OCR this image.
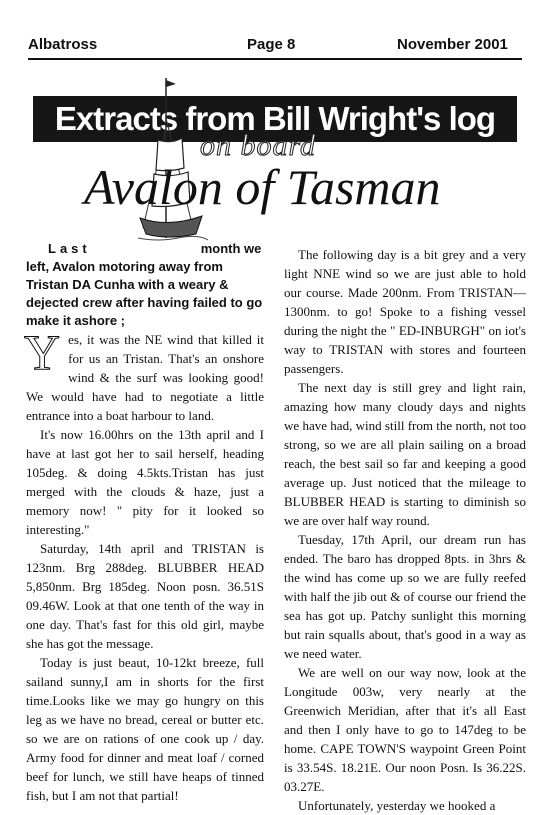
Albatross	Page 8	November 2001
Extracts from Bill Wright's log
on board
Avalon of Tasman
Last	month we
left, Avalon motoring away from Tristan DA Cunha with a weary & dejected crew after having failed to go make it ashore ;

Yes, it was the NE wind that killed it for us an Tristan. That's an onshore wind & the surf was looking good! We would have had to negotiate a little entrance into a boat harbour to land.

It's now 16.00hrs on the 13th april and I have at last got her to sail herself, heading 105deg. & doing 4.5kts.Tristan has just merged with the clouds & haze, just a memory now! " pity for it looked so interesting."

Saturday, 14th april and TRISTAN is 123nm. Brg 288deg. BLUBBER HEAD 5,850nm. Brg 185deg. Noon posn. 36.51S 09.46W. Look at that one tenth of the way in one day. That's fast for this old girl, maybe she has got the message.

Today is just beaut, 10-12kt breeze, full sailand sunny,I am in shorts for the first time.Looks like we may go hungry on this leg as we have no bread, cereal or butter etc. so we are on rations of one cook up / day. Army food for dinner and meat loaf / corned beef for lunch, we still have heaps of tinned fish, but I am not that partial!

The following day is a bit grey and a very light NNE wind so we are just able to hold our course. Made 200nm. From TRISTAN—1300nm. to go! Spoke to a fishing vessel during the night the " ED-INBURGH" on iot's way to TRISTAN with stores and fourteen passengers.

The next day is still grey and light rain, amazing how many cloudy days and nights we have had, wind still from the north, not too strong, so we are all plain sailing on a broad reach, the best sail so far and keeping a good average up. Just noticed that the mileage to BLUBBER HEAD is starting to diminish so we are over half way round.

Tuesday, 17th April, our dream run has ended. The baro has dropped 8pts. in 3hrs & the wind has come up so we are fully reefed with half the jib out & of course our friend the sea has got up. Patchy sunlight this morning but rain squalls about, that's good in a way as we need water.

We are well on our way now, look at the Longitude 003w, very nearly at the Greenwich Meridian, after that it's all East and then I only have to go to 147deg to be home. CAPE TOWN'S waypoint Green Point is 33.54S. 18.21E. Our noon Posn. Is 36.22S. 03.27E.

Unfortunately, yesterday we hooked a
